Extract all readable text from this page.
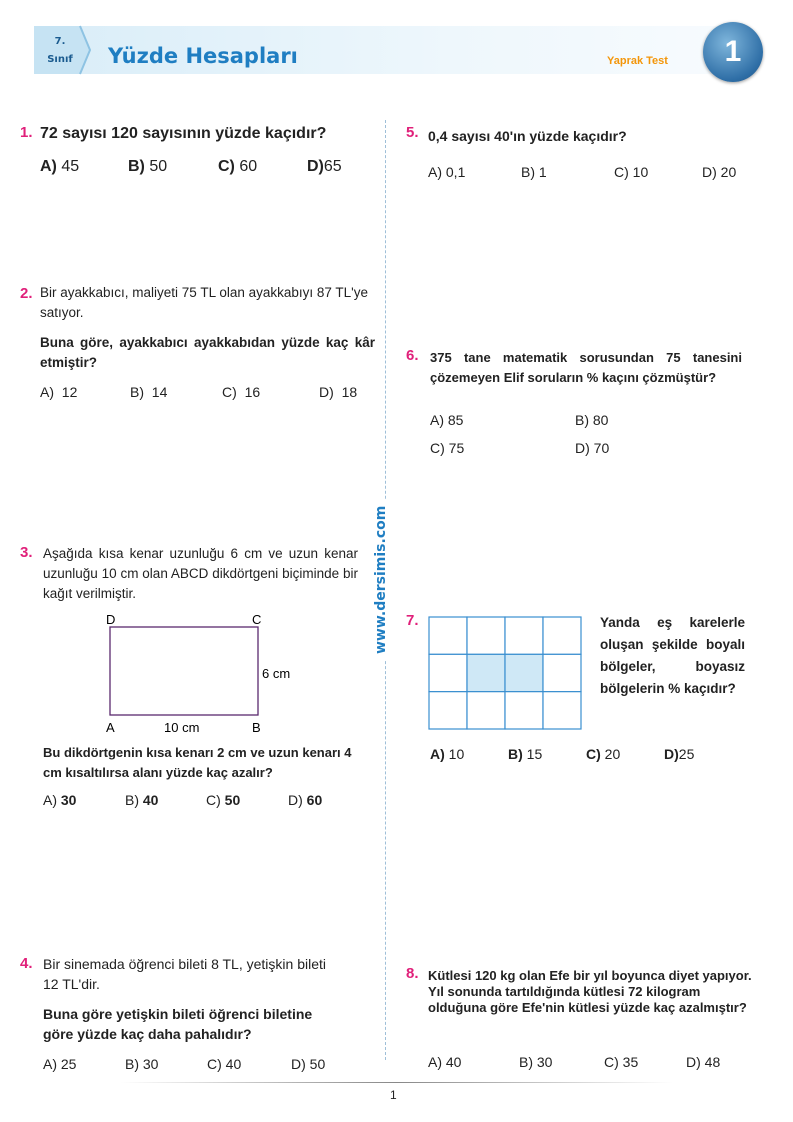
7.
Sınıf	Yüzde Hesapları	Yaprak Test	1
www.dersimis.com
1. 72 sayısı 120 sayısının yüzde kaçıdır?
A) 45	B) 50	C) 60	D)65
2. Bir ayakkabıcı, maliyeti 75 TL olan ayakkabıyı 87 TL'ye satıyor.
Buna göre, ayakkabıcı ayakkabıdan yüzde kaç kâr etmiştir?
A) 12	B) 14	C) 16	D) 18
3. Aşağıda kısa kenar uzunluğu 6 cm ve uzun kenar uzunluğu 10 cm olan ABCD dikdörtgeni biçiminde bir kağıt verilmiştir.
D	C
A	B
6 cm
10 cm
Bu dikdörtgenin kısa kenarı 2 cm ve uzun kenarı 4 cm kısaltılırsa alanı yüzde kaç azalır?
A) 30	B) 40	C) 50	D) 60
4. Bir sinemada öğrenci bileti 8 TL, yetişkin bileti 12 TL'dir.
Buna göre yetişkin bileti öğrenci biletine göre yüzde kaç daha pahalıdır?
A) 25	B) 30	C) 40	D) 50
5. 0,4 sayısı 40'ın yüzde kaçıdır?
A) 0,1	B) 1	C) 10	D) 20
6. 375 tane matematik sorusundan 75 tanesini çözemeyen Elif soruların % kaçını çözmüştür?
A) 85	B) 80
C) 75	D) 70
7.	Yanda eş karelerle oluşan şekilde boyalı bölgeler, boyasız bölgelerin % kaçıdır?
A) 10	B) 15	C) 20	D)25
8. Kütlesi 120 kg olan Efe bir yıl boyunca diyet yapıyor. Yıl sonunda tartıldığında kütlesi 72 kilogram olduğuna göre Efe'nin kütlesi yüzde kaç azalmıştır?
A) 40	B) 30	C) 35	D) 48
1
